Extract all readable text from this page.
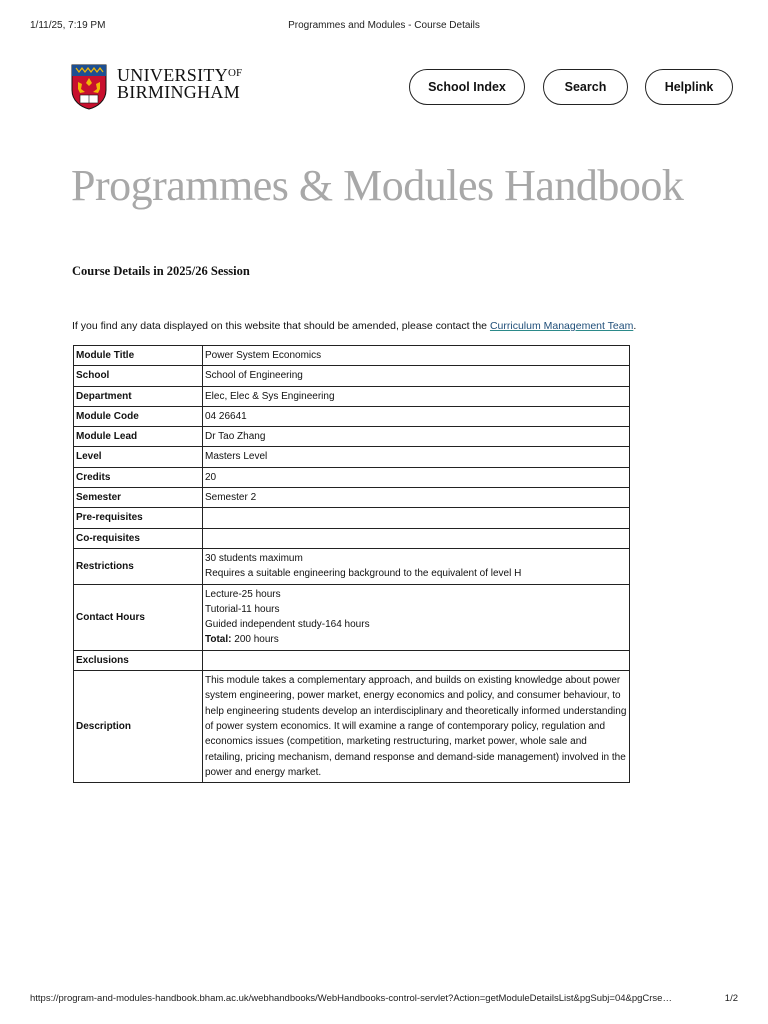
1/11/25, 7:19 PM	Programmes and Modules - Course Details
$UNIVERSITY^{OF}$
BIRMINGHAM	School Index	Search	Helplink
Programmes & Modules Handbook
Course Details in 2025/26 Session
If you find any data displayed on this website that should be amended, please contact the Curriculum Management Team.
Module Title	Power System Economics
School	School of Engineering
Department	Elec, Elec & Sys Engineering
Module Code	04 26641
Module Lead	Dr Tao Zhang
Level	Masters Level
Credits	20
Semester	Semester 2
Pre-requisites	
Co-requisites	
Restrictions	30 students maximum
Requires a suitable engineering background to the equivalent of level H

Contact Hours	Lecture-25 hours
Tutorial-11 hours
Guided independent study-164 hours
Total: 200 hours

Exclusions	
Description	This module takes a complementary approach, and builds on existing knowledge about power system engineering, power market, energy economics and policy, and consumer behaviour, to help engineering students develop an interdisciplinary and theoretically informed understanding of power system economics. It will examine a range of contemporary policy, regulation and economics issues (competition, marketing restructuring, market power, whole sale and retailing, pricing mechanism, demand response and demand-side management) involved in the power and energy market.
https://program-and-modules-handbook.bham.ac.uk/webhandbooks/WebHandbooks-control-servlet?Action=getModuleDetailsList&pgSubj=04&pgCrse…	1/2
